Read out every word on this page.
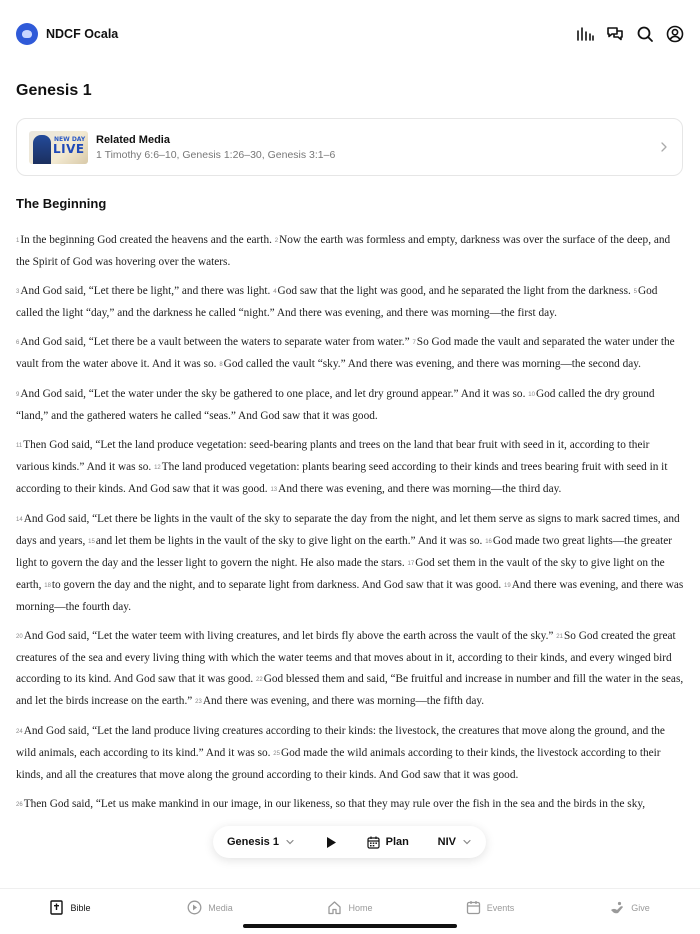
NDCF Ocala
Genesis 1
NEW DAY
LIVE
Related Media
1 Timothy 6:6–10, Genesis 1:26–30, Genesis 3:1–6
The Beginning

1In the beginning God created the heavens and the earth. 2Now the earth was formless and empty, darkness was over the surface of the deep, and the Spirit of God was hovering over the waters.

3And God said, “Let there be light,” and there was light. 4God saw that the light was good, and he separated the light from the darkness. 5God called the light “day,” and the darkness he called “night.” And there was evening, and there was morning—the first day.

6And God said, “Let there be a vault between the waters to separate water from water.” 7So God made the vault and separated the water under the vault from the water above it. And it was so. 8God called the vault “sky.” And there was evening, and there was morning—the second day.

9And God said, “Let the water under the sky be gathered to one place, and let dry ground appear.” And it was so. 10God called the dry ground “land,” and the gathered waters he called “seas.” And God saw that it was good.

11Then God said, “Let the land produce vegetation: seed-bearing plants and trees on the land that bear fruit with seed in it, according to their various kinds.” And it was so. 12The land produced vegetation: plants bearing seed according to their kinds and trees bearing fruit with seed in it according to their kinds. And God saw that it was good. 13And there was evening, and there was morning—the third day.

14And God said, “Let there be lights in the vault of the sky to separate the day from the night, and let them serve as signs to mark sacred times, and days and years, 15and let them be lights in the vault of the sky to give light on the earth.” And it was so. 16God made two great lights—the greater light to govern the day and the lesser light to govern the night. He also made the stars. 17God set them in the vault of the sky to give light on the earth, 18to govern the day and the night, and to separate light from darkness. And God saw that it was good. 19And there was evening, and there was morning—the fourth day.

20And God said, “Let the water teem with living creatures, and let birds fly above the earth across the vault of the sky.” 21So God created the great creatures of the sea and every living thing with which the water teems and that moves about in it, according to their kinds, and every winged bird according to its kind. And God saw that it was good. 22God blessed them and said, “Be fruitful and increase in number and fill the water in the seas, and let the birds increase on the earth.” 23And there was evening, and there was morning—the fifth day.

24And God said, “Let the land produce living creatures according to their kinds: the livestock, the creatures that move along the ground, and the wild animals, each according to its kind.” And it was so. 25God made the wild animals according to their kinds, the livestock according to their kinds, and all the creatures that move along the ground according to their kinds. And God saw that it was good.

26Then God said, “Let us make mankind in our image, in our likeness, so that they may rule over the fish in the sea and the birds in the sky,

Genesis 1	Plan	NIV
Bible	Media	Home	Events	Give
